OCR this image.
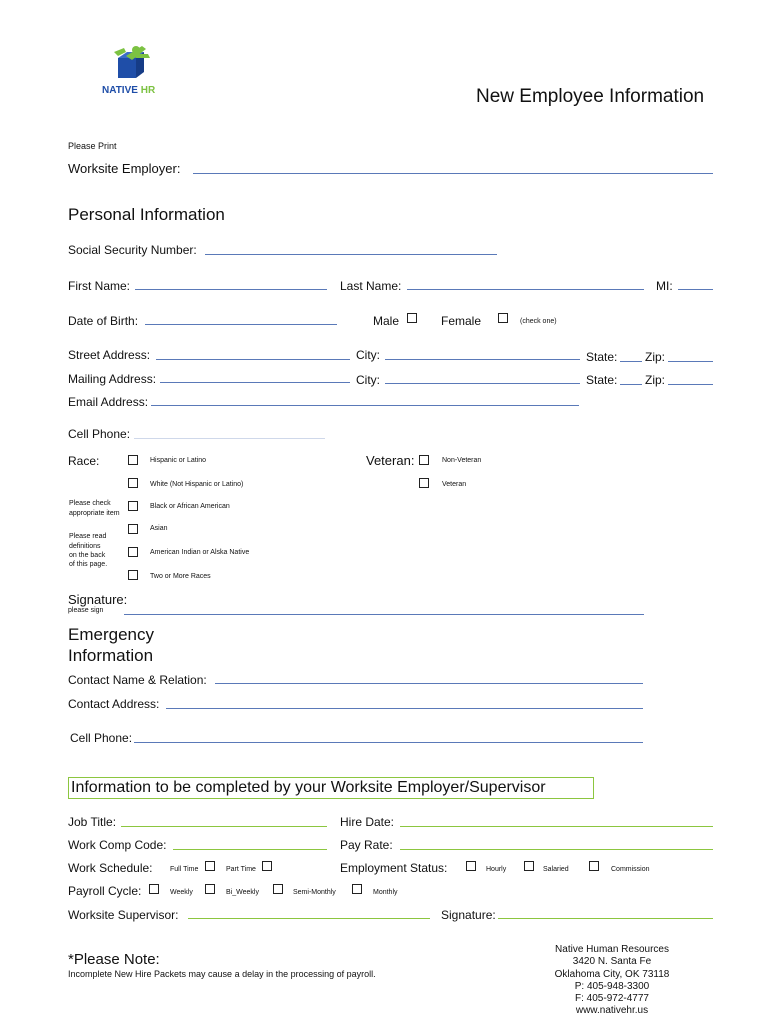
NATIVE HR	New Employee Information
Please Print
Worksite Employer:
Personal Information
Social Security Number:
First Name:	Last Name:	MI:
Date of Birth:	Male	Female	(check one)
Street Address:	City:	State: Zip:
Mailing Address:	City:	State: Zip:
Email Address:
Cell Phone:
Race:	Hispanic or Latino
White (Not Hispanic or Latino)
Black or African American
Asian
American Indian or Alska Native
Two or More Races
Please check
appropriate item
Please read
definitions
on the back
of this page.
Veteran:	Non-Veteran
Veteran
Signature:
please sign
Emergency
Information
Contact Name & Relation:
Contact Address:
Cell Phone:
Information to be completed by your Worksite Employer/Supervisor
Job Title:	Hire Date:
Work Comp Code:	Pay Rate:
Work Schedule:	Full Time	Part Time	Employment Status:	Hourly	Salaried	Commission
Payroll Cycle:	Weekly	Bi_Weekly	Semi-Monthly	Monthly
Worksite Supervisor:	Signature:
*Please Note:
Incomplete New Hire Packets may cause a delay in the processing of payroll.
Native Human Resources
3420 N. Santa Fe
Oklahoma City, OK 73118
P: 405-948-3300
F: 405-972-4777
www.nativehr.us
